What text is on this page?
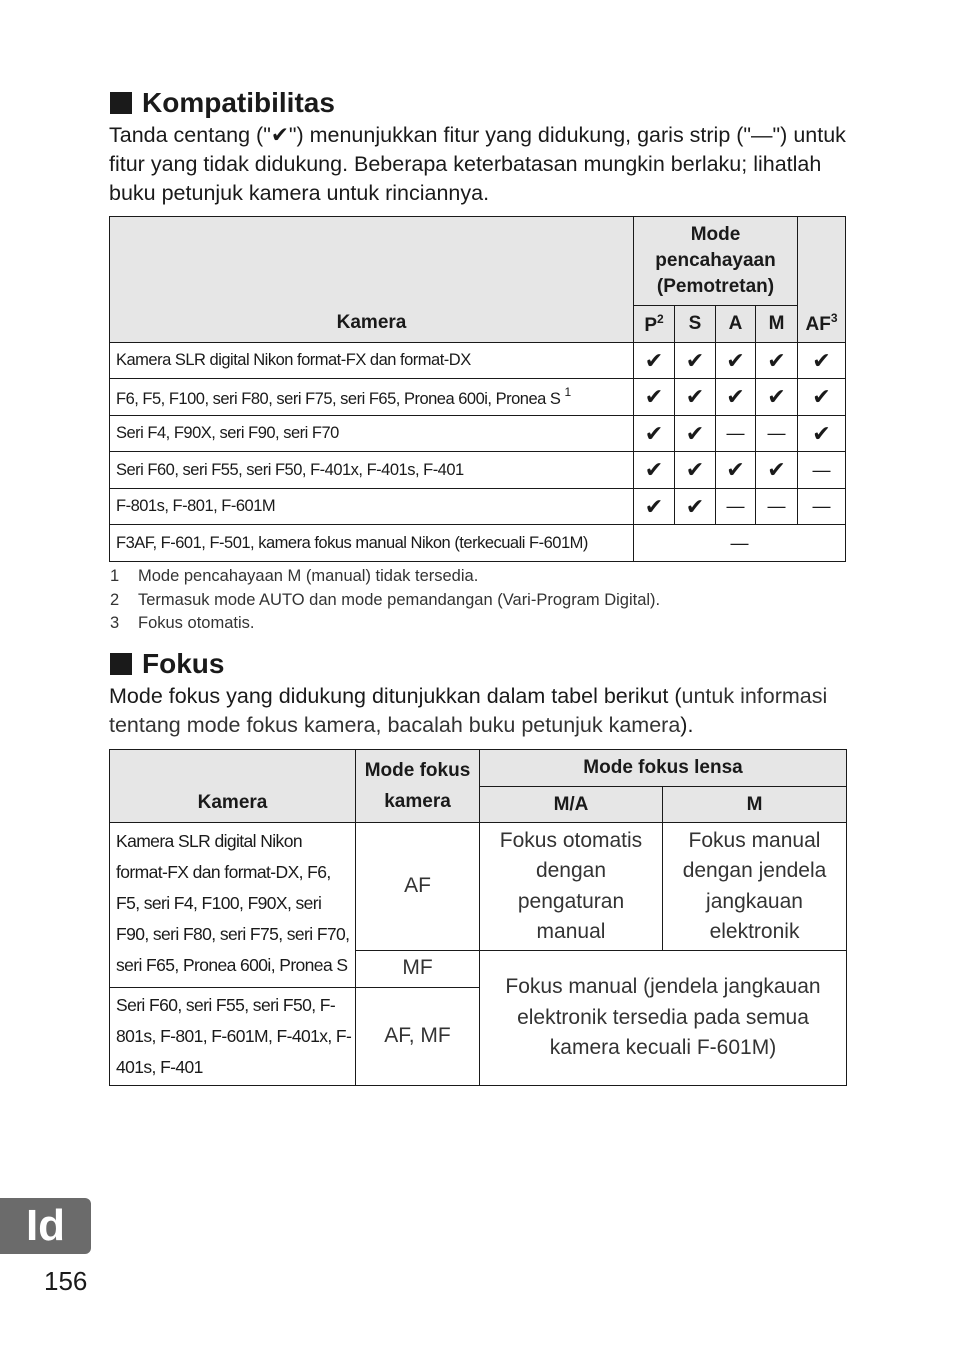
Kompatibilitas
Tanda centang ("✔") menunjukkan fitur yang didukung, garis strip ("—") untuk fitur yang tidak didukung. Beberapa keterbatasan mungkin berlaku; lihatlah buku petunjuk kamera untuk rinciannya.
Kamera	Mode pencahayaan (Pemotretan)				$AF^3$
	$P^2$	S	A	M	
Kamera SLR digital Nikon format-FX dan format-DX	✔	✔	✔	✔	✔
F6, F5, F100, seri F80, seri F75, seri F65, Pronea 600i, Pronea S $^1$	✔	✔	✔	✔	✔
Seri F4, F90X, seri F90, seri F70	✔	✔	—	—	✔
Seri F60, seri F55, seri F50, F-401x, F-401s, F-401	✔	✔	✔	✔	—
F-801s, F-801, F-601M	✔	✔	—	—	—
F3AF, F-601, F-501, kamera fokus manual Nikon (terkecuali F-601M)	—				
1 Mode pencahayaan M (manual) tidak tersedia.
2 Termasuk mode AUTO dan mode pemandangan (Vari-Program Digital).
3 Fokus otomatis.
Fokus
Mode fokus yang didukung ditunjukkan dalam tabel berikut (untuk informasi tentang mode fokus kamera, bacalah buku petunjuk kamera).
Kamera	Mode fokus kamera	Mode fokus lensa	
		M/A	M
Kamera SLR digital Nikon format-FX dan format-DX, F6, F5, seri F4, F100, F90X, seri F90, seri F80, seri F75, seri F70, seri F65, Pronea 600i, Pronea S	AF	Fokus otomatis dengan pengaturan manual	Fokus manual dengan jendela jangkauan elektronik
	MF	Fokus manual (jendela jangkauan elektronik tersedia pada semua kamera kecuali F-601M)	
Seri F60, seri F55, seri F50, F-801s, F-801, F-601M, F-401x, F-401s, F-401	AF, MF		
Id
156
